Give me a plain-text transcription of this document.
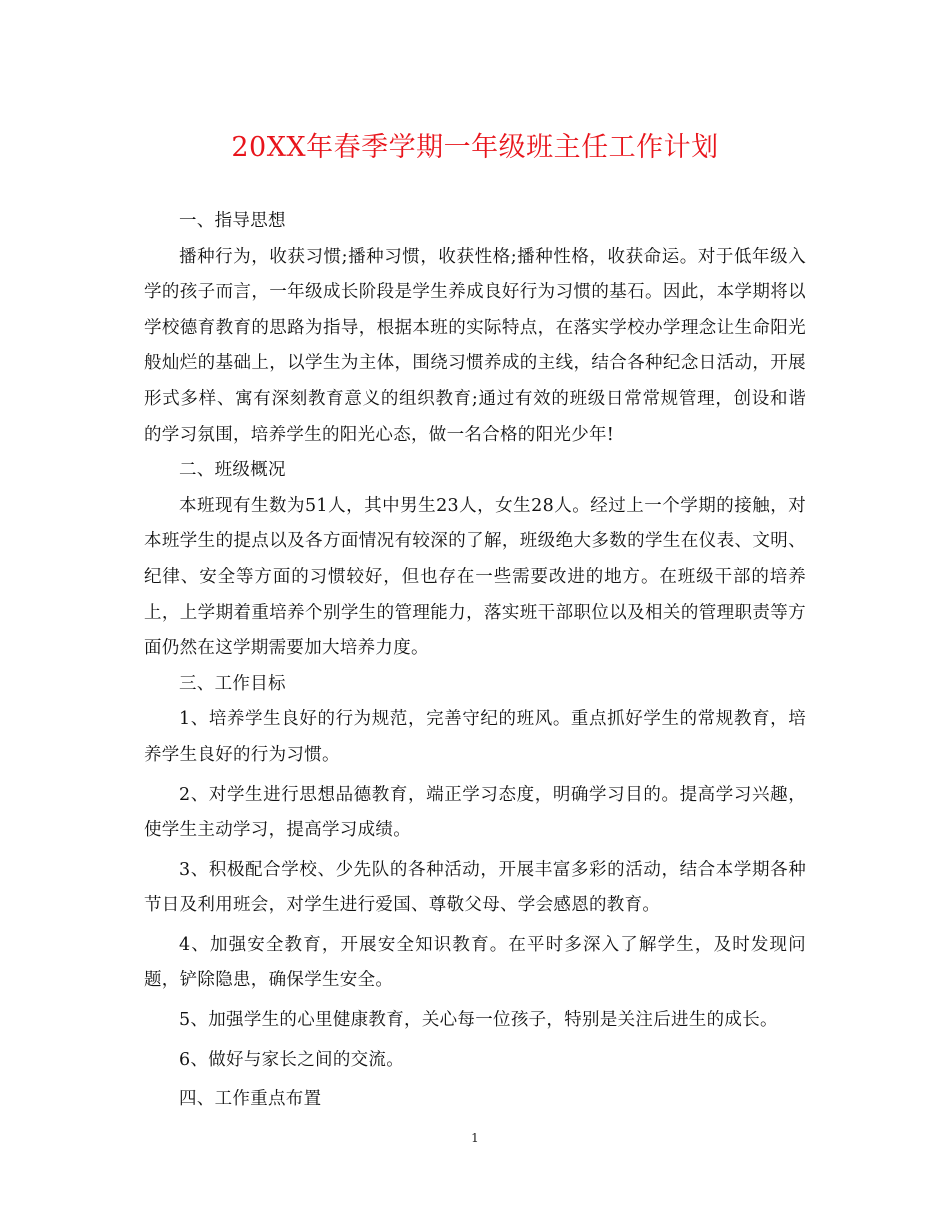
20XX年春季学期一年级班主任工作计划

一、指导思想

播种行为，收获习惯;播种习惯，收获性格;播种性格，收获命运。对于低年级入学的孩子而言，一年级成长阶段是学生养成良好行为习惯的基石。因此，本学期将以学校德育教育的思路为指导，根据本班的实际特点，在落实学校办学理念让生命阳光般灿烂的基础上，以学生为主体，围绕习惯养成的主线，结合各种纪念日活动，开展形式多样、寓有深刻教育意义的组织教育;通过有效的班级日常常规管理，创设和谐的学习氛围，培养学生的阳光心态，做一名合格的阳光少年!

二、班级概况

本班现有生数为51人，其中男生23人，女生28人。经过上一个学期的接触，对本班学生的提点以及各方面情况有较深的了解，班级绝大多数的学生在仪表、文明、纪律、安全等方面的习惯较好，但也存在一些需要改进的地方。在班级干部的培养上，上学期着重培养个别学生的管理能力，落实班干部职位以及相关的管理职责等方面仍然在这学期需要加大培养力度。

三、工作目标

1、培养学生良好的行为规范，完善守纪的班风。重点抓好学生的常规教育，培养学生良好的行为习惯。

2、对学生进行思想品德教育，端正学习态度，明确学习目的。提高学习兴趣，使学生主动学习，提高学习成绩。

3、积极配合学校、少先队的各种活动，开展丰富多彩的活动，结合本学期各种节日及利用班会，对学生进行爱国、尊敬父母、学会感恩的教育。

4、加强安全教育，开展安全知识教育。在平时多深入了解学生，及时发现问题，铲除隐患，确保学生安全。

5、加强学生的心里健康教育，关心每一位孩子，特别是关注后进生的成长。

6、做好与家长之间的交流。

四、工作重点布置

1
